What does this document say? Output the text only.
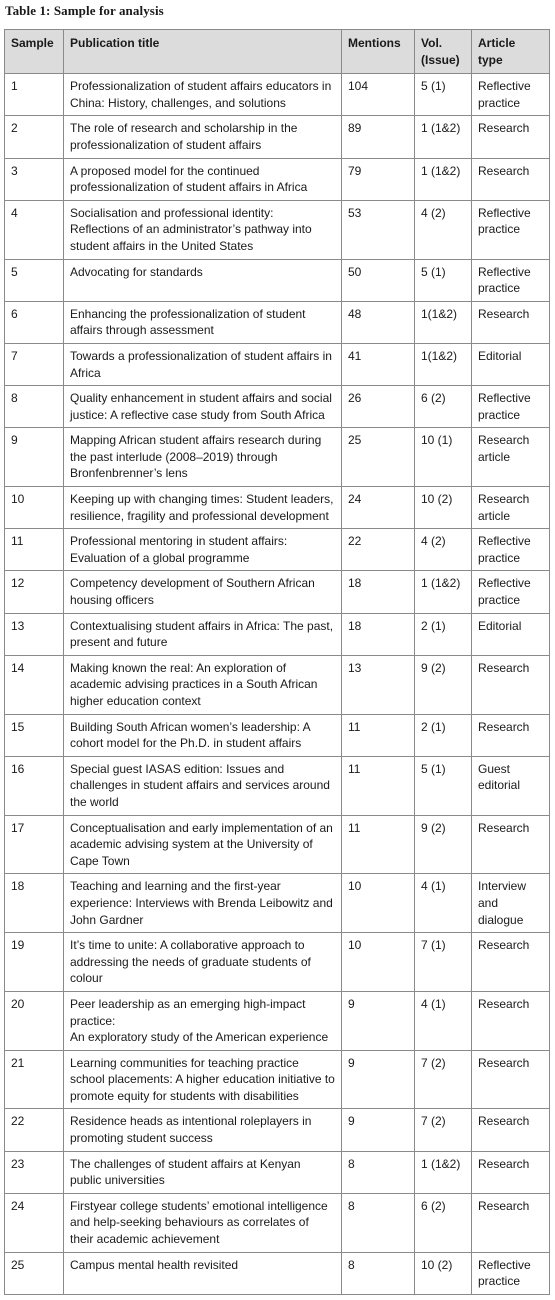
Table 1: Sample for analysis
Sample	Publication title	Mentions	Vol. (Issue)	Article type
1	Professionalization of student affairs educators in China: History, challenges, and solutions	104	5 (1)	Reflective practice
2	The role of research and scholarship in the professionalization of student affairs	89	1 (1&2)	Research
3	A proposed model for the continued professionalization of student affairs in Africa	79	1 (1&2)	Research
4	Socialisation and professional identity: Reflections of an administrator’s pathway into student affairs in the United States	53	4 (2)	Reflective practice
5	Advocating for standards	50	5 (1)	Reflective practice
6	Enhancing the professionalization of student affairs through assessment	48	1(1&2)	Research
7	Towards a professionalization of student affairs in Africa	41	1(1&2)	Editorial
8	Quality enhancement in student affairs and social justice: A reflective case study from South Africa	26	6 (2)	Reflective practice
9	Mapping African student affairs research during the past interlude (2008–2019) through Bronfenbrenner’s lens	25	10 (1)	Research article
10	Keeping up with changing times: Student leaders, resilience, fragility and professional development	24	10 (2)	Research article
11	Professional mentoring in student affairs: Evaluation of a global programme	22	4 (2)	Reflective practice
12	Competency development of Southern African housing officers	18	1 (1&2)	Reflective practice
13	Contextualising student affairs in Africa: The past, present and future	18	2 (1)	Editorial
14	Making known the real: An exploration of academic advising practices in a South African higher education context	13	9 (2)	Research
15	Building South African women’s leadership: A cohort model for the Ph.D. in student affairs	11	2 (1)	Research
16	Special guest IASAS edition: Issues and challenges in student affairs and services around the world	11	5 (1)	Guest editorial
17	Conceptualisation and early implementation of an academic advising system at the University of Cape Town	11	9 (2)	Research
18	Teaching and learning and the first-year experience: Interviews with Brenda Leibowitz and John Gardner	10	4 (1)	Interview and dialogue
19	It’s time to unite: A collaborative approach to addressing the needs of graduate students of colour	10	7 (1)	Research
20	Peer leadership as an emerging high-impact practice:
An exploratory study of the American experience	9	4 (1)	Research
21	Learning communities for teaching practice school placements: A higher education initiative to promote equity for students with disabilities	9	7 (2)	Research
22	Residence heads as intentional roleplayers in promoting student success	9	7 (2)	Research
23	The challenges of student affairs at Kenyan public universities	8	1 (1&2)	Research
24	Firstyear college students’ emotional intelligence and help-seeking behaviours as correlates of their academic achievement	8	6 (2)	Research
25	Campus mental health revisited	8	10 (2)	Reflective practice
